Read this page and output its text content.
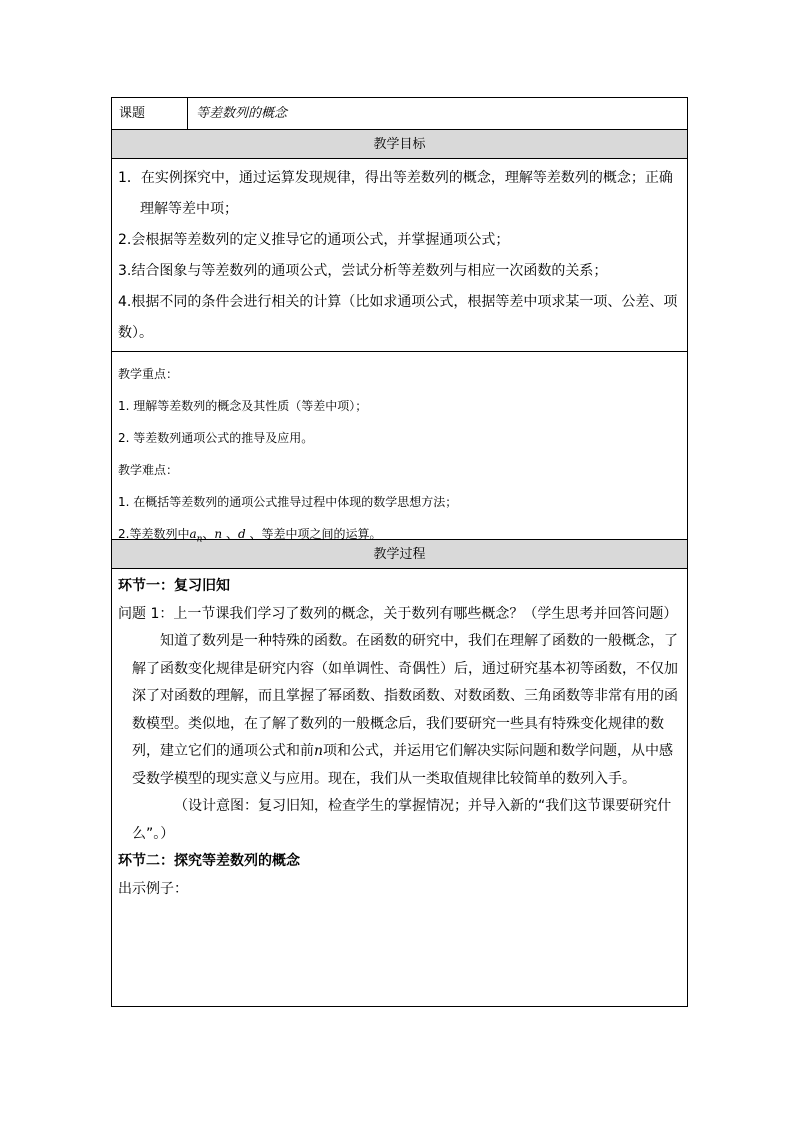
课题	等差数列的概念
教学目标

1．在实例探究中，通过运算发现规律，得出等差数列的概念，理解等差数列的概念；正确理解等差中项；

2.会根据等差数列的定义推导它的通项公式，并掌握通项公式；

3.结合图象与等差数列的通项公式，尝试分析等差数列与相应一次函数的关系；

4.根据不同的条件会进行相关的计算（比如求通项公式，根据等差中项求某一项、公差、项数）。

教学重点：

1. 理解等差数列的概念及其性质（等差中项）；

2. 等差数列通项公式的推导及应用。

教学难点：

1. 在概括等差数列的通项公式推导过程中体现的数学思想方法；

2.等差数列中$a_n$、n 、d 、等差中项之间的运算。

教学过程

环节一：复习旧知

问题 1：上一节课我们学习了数列的概念，关于数列有哪些概念？（学生思考并回答问题）

知道了数列是一种特殊的函数。在函数的研究中，我们在理解了函数的一般概念，了解了函数变化规律是研究内容（如单调性、奇偶性）后，通过研究基本初等函数，不仅加深了对函数的理解，而且掌握了幂函数、指数函数、对数函数、三角函数等非常有用的函数模型。类似地，在了解了数列的一般概念后，我们要研究一些具有特殊变化规律的数列，建立它们的通项公式和前n项和公式，并运用它们解决实际问题和数学问题，从中感受数学模型的现实意义与应用。现在，我们从一类取值规律比较简单的数列入手。

（设计意图：复习旧知，检查学生的掌握情况；并导入新的“我们这节课要研究什么”。）

环节二：探究等差数列的概念

出示例子：
